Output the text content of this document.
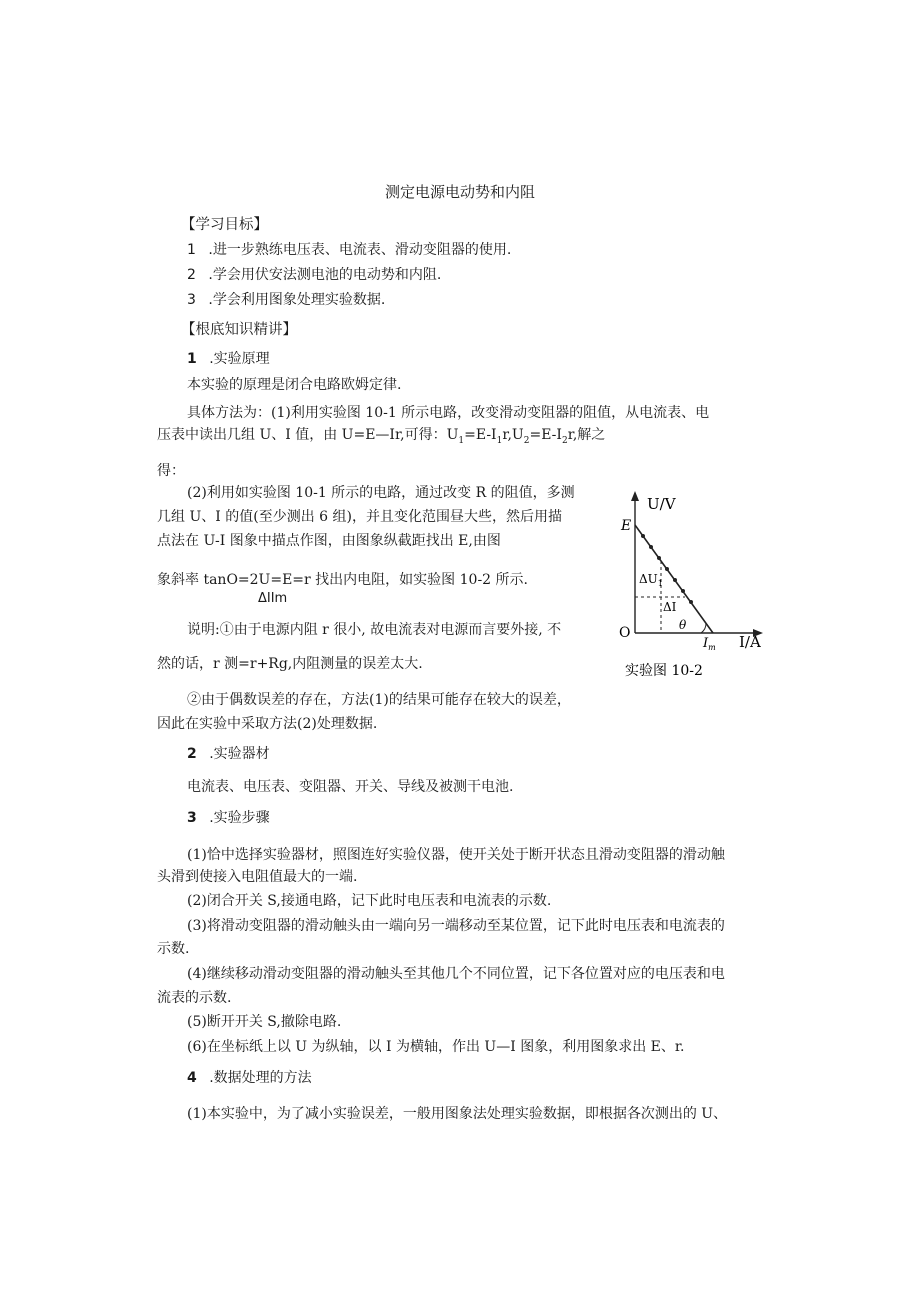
测定电源电动势和内阻
【学习目标】
1 .进一步熟练电压表、电流表、滑动变阻器的使用.
2 .学会用伏安法测电池的电动势和内阻.
3 .学会利用图象处理实验数据.
【根底知识精讲】
1 .实验原理
本实验的原理是闭合电路欧姆定律.
具体方法为：(1)利用实验图 10-1 所示电路，改变滑动变阻器的阻值，从电流表、电
压表中读出几组 U、I 值，由 U=E—Ir,可得：$U_1=E-I_1r,U_2=E-I_2r$,解之
得：
(2)利用如实验图 10-1 所示的电路，通过改变 R 的阻值，多测
几组 U、I 的值(至少测出 6 组)，并且变化范围昼大些，然后用描
点法在 U-I 图象中描点作图，由图象纵截距找出 E,由图
象斜率 tanO=2U=E=r 找出内电阻，如实验图 10-2 所示.
ΔIIm
说明:①由于电源内阻 r 很小, 故电流表对电源而言要外接, 不
然的话，r 测=r+Rg,内阻测量的误差太大.
②由于偶数误差的存在，方法(1)的结果可能存在较大的误差，
因此在实验中采取方法(2)处理数据.
2 .实验器材
电流表、电压表、变阻器、开关、导线及被测干电池.
3 .实验步骤
(1)恰中选择实验器材，照图连好实验仪器，使开关处于断开状态且滑动变阻器的滑动触
头滑到使接入电阻值最大的一端.
(2)闭合开关 S,接通电路，记下此时电压表和电流表的示数.
(3)将滑动变阻器的滑动触头由一端向另一端移动至某位置，记下此时电压表和电流表的
示数.
(4)继续移动滑动变阻器的滑动触头至其他几个不同位置，记下各位置对应的电压表和电
流表的示数.
(5)断开开关 S,撤除电路.
(6)在坐标纸上以 U 为纵轴，以 I 为横轴，作出 U—I 图象，利用图象求出 E、r.
4 .数据处理的方法
(1)本实验中，为了减小实验误差，一般用图象法处理实验数据，即根据各次测出的 U、
U/V
E
$\Delta U_1$
ΔI
θ
O
$I_m$ I/A
实验图 10-2
